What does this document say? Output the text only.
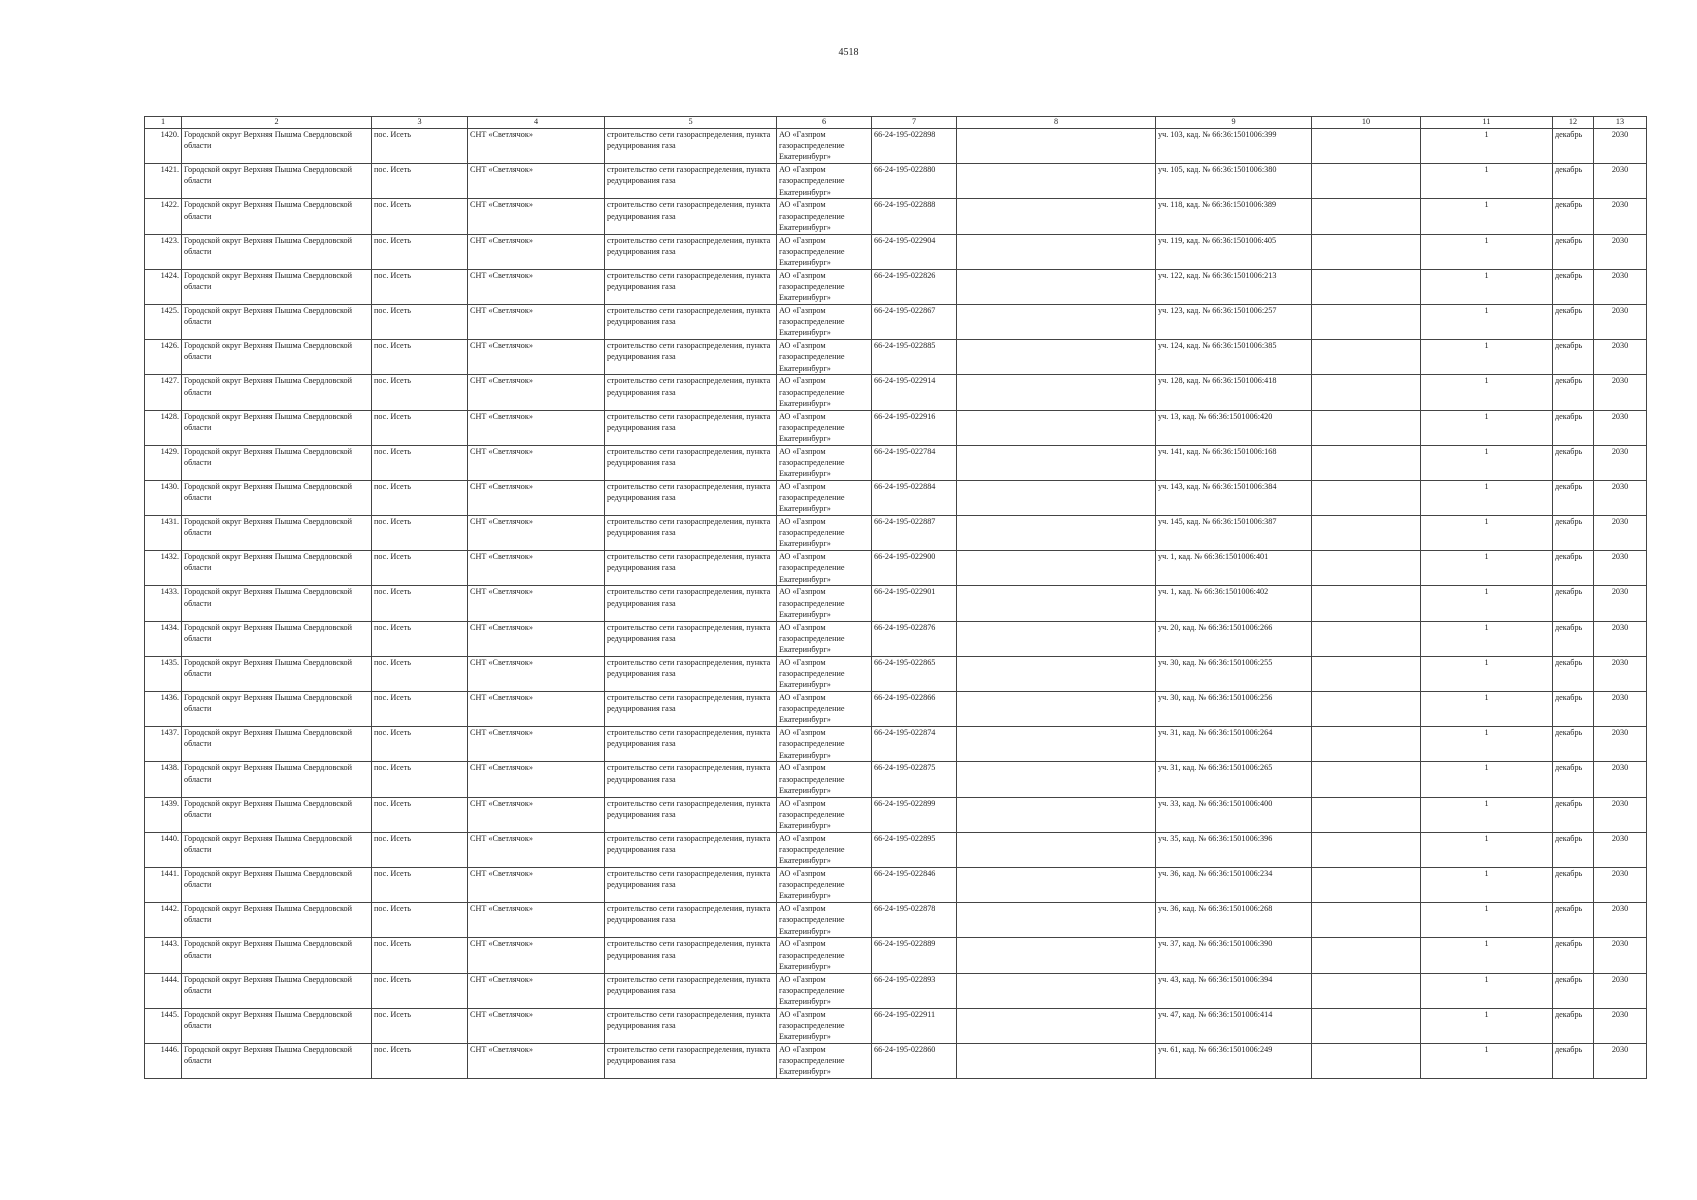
4518
1	2	3	4	5	6	7	8	9	10	11	12	13
1420.	Городской округ Верхняя Пышма Свердловской области	пос. Исеть	СНТ «Светлячок»	строительство сети газораспределения, пункта редуцирования газа	АО «Газпром газораспределение Екатеринбург»	66-24-195-022898		уч. 103, кад. № 66:36:1501006:399		1	декабрь	2030
1421.	Городской округ Верхняя Пышма Свердловской области	пос. Исеть	СНТ «Светлячок»	строительство сети газораспределения, пункта редуцирования газа	АО «Газпром газораспределение Екатеринбург»	66-24-195-022880		уч. 105, кад. № 66:36:1501006:380		1	декабрь	2030
1422.	Городской округ Верхняя Пышма Свердловской области	пос. Исеть	СНТ «Светлячок»	строительство сети газораспределения, пункта редуцирования газа	АО «Газпром газораспределение Екатеринбург»	66-24-195-022888		уч. 118, кад. № 66:36:1501006:389		1	декабрь	2030
1423.	Городской округ Верхняя Пышма Свердловской области	пос. Исеть	СНТ «Светлячок»	строительство сети газораспределения, пункта редуцирования газа	АО «Газпром газораспределение Екатеринбург»	66-24-195-022904		уч. 119, кад. № 66:36:1501006:405		1	декабрь	2030
1424.	Городской округ Верхняя Пышма Свердловской области	пос. Исеть	СНТ «Светлячок»	строительство сети газораспределения, пункта редуцирования газа	АО «Газпром газораспределение Екатеринбург»	66-24-195-022826		уч. 122, кад. № 66:36:1501006:213		1	декабрь	2030
1425.	Городской округ Верхняя Пышма Свердловской области	пос. Исеть	СНТ «Светлячок»	строительство сети газораспределения, пункта редуцирования газа	АО «Газпром газораспределение Екатеринбург»	66-24-195-022867		уч. 123, кад. № 66:36:1501006:257		1	декабрь	2030
1426.	Городской округ Верхняя Пышма Свердловской области	пос. Исеть	СНТ «Светлячок»	строительство сети газораспределения, пункта редуцирования газа	АО «Газпром газораспределение Екатеринбург»	66-24-195-022885		уч. 124, кад. № 66:36:1501006:385		1	декабрь	2030
1427.	Городской округ Верхняя Пышма Свердловской области	пос. Исеть	СНТ «Светлячок»	строительство сети газораспределения, пункта редуцирования газа	АО «Газпром газораспределение Екатеринбург»	66-24-195-022914		уч. 128, кад. № 66:36:1501006:418		1	декабрь	2030
1428.	Городской округ Верхняя Пышма Свердловской области	пос. Исеть	СНТ «Светлячок»	строительство сети газораспределения, пункта редуцирования газа	АО «Газпром газораспределение Екатеринбург»	66-24-195-022916		уч. 13, кад. № 66:36:1501006:420		1	декабрь	2030
1429.	Городской округ Верхняя Пышма Свердловской области	пос. Исеть	СНТ «Светлячок»	строительство сети газораспределения, пункта редуцирования газа	АО «Газпром газораспределение Екатеринбург»	66-24-195-022784		уч. 141, кад. № 66:36:1501006:168		1	декабрь	2030
1430.	Городской округ Верхняя Пышма Свердловской области	пос. Исеть	СНТ «Светлячок»	строительство сети газораспределения, пункта редуцирования газа	АО «Газпром газораспределение Екатеринбург»	66-24-195-022884		уч. 143, кад. № 66:36:1501006:384		1	декабрь	2030
1431.	Городской округ Верхняя Пышма Свердловской области	пос. Исеть	СНТ «Светлячок»	строительство сети газораспределения, пункта редуцирования газа	АО «Газпром газораспределение Екатеринбург»	66-24-195-022887		уч. 145, кад. № 66:36:1501006:387		1	декабрь	2030
1432.	Городской округ Верхняя Пышма Свердловской области	пос. Исеть	СНТ «Светлячок»	строительство сети газораспределения, пункта редуцирования газа	АО «Газпром газораспределение Екатеринбург»	66-24-195-022900		уч. 1, кад. № 66:36:1501006:401		1	декабрь	2030
1433.	Городской округ Верхняя Пышма Свердловской области	пос. Исеть	СНТ «Светлячок»	строительство сети газораспределения, пункта редуцирования газа	АО «Газпром газораспределение Екатеринбург»	66-24-195-022901		уч. 1, кад. № 66:36:1501006:402		1	декабрь	2030
1434.	Городской округ Верхняя Пышма Свердловской области	пос. Исеть	СНТ «Светлячок»	строительство сети газораспределения, пункта редуцирования газа	АО «Газпром газораспределение Екатеринбург»	66-24-195-022876		уч. 20, кад. № 66:36:1501006:266		1	декабрь	2030
1435.	Городской округ Верхняя Пышма Свердловской области	пос. Исеть	СНТ «Светлячок»	строительство сети газораспределения, пункта редуцирования газа	АО «Газпром газораспределение Екатеринбург»	66-24-195-022865		уч. 30, кад. № 66:36:1501006:255		1	декабрь	2030
1436.	Городской округ Верхняя Пышма Свердловской области	пос. Исеть	СНТ «Светлячок»	строительство сети газораспределения, пункта редуцирования газа	АО «Газпром газораспределение Екатеринбург»	66-24-195-022866		уч. 30, кад. № 66:36:1501006:256		1	декабрь	2030
1437.	Городской округ Верхняя Пышма Свердловской области	пос. Исеть	СНТ «Светлячок»	строительство сети газораспределения, пункта редуцирования газа	АО «Газпром газораспределение Екатеринбург»	66-24-195-022874		уч. 31, кад. № 66:36:1501006:264		1	декабрь	2030
1438.	Городской округ Верхняя Пышма Свердловской области	пос. Исеть	СНТ «Светлячок»	строительство сети газораспределения, пункта редуцирования газа	АО «Газпром газораспределение Екатеринбург»	66-24-195-022875		уч. 31, кад. № 66:36:1501006:265		1	декабрь	2030
1439.	Городской округ Верхняя Пышма Свердловской области	пос. Исеть	СНТ «Светлячок»	строительство сети газораспределения, пункта редуцирования газа	АО «Газпром газораспределение Екатеринбург»	66-24-195-022899		уч. 33, кад. № 66:36:1501006:400		1	декабрь	2030
1440.	Городской округ Верхняя Пышма Свердловской области	пос. Исеть	СНТ «Светлячок»	строительство сети газораспределения, пункта редуцирования газа	АО «Газпром газораспределение Екатеринбург»	66-24-195-022895		уч. 35, кад. № 66:36:1501006:396		1	декабрь	2030
1441.	Городской округ Верхняя Пышма Свердловской области	пос. Исеть	СНТ «Светлячок»	строительство сети газораспределения, пункта редуцирования газа	АО «Газпром газораспределение Екатеринбург»	66-24-195-022846		уч. 36, кад. № 66:36:1501006:234		1	декабрь	2030
1442.	Городской округ Верхняя Пышма Свердловской области	пос. Исеть	СНТ «Светлячок»	строительство сети газораспределения, пункта редуцирования газа	АО «Газпром газораспределение Екатеринбург»	66-24-195-022878		уч. 36, кад. № 66:36:1501006:268		1	декабрь	2030
1443.	Городской округ Верхняя Пышма Свердловской области	пос. Исеть	СНТ «Светлячок»	строительство сети газораспределения, пункта редуцирования газа	АО «Газпром газораспределение Екатеринбург»	66-24-195-022889		уч. 37, кад. № 66:36:1501006:390		1	декабрь	2030
1444.	Городской округ Верхняя Пышма Свердловской области	пос. Исеть	СНТ «Светлячок»	строительство сети газораспределения, пункта редуцирования газа	АО «Газпром газораспределение Екатеринбург»	66-24-195-022893		уч. 43, кад. № 66:36:1501006:394		1	декабрь	2030
1445.	Городской округ Верхняя Пышма Свердловской области	пос. Исеть	СНТ «Светлячок»	строительство сети газораспределения, пункта редуцирования газа	АО «Газпром газораспределение Екатеринбург»	66-24-195-022911		уч. 47, кад. № 66:36:1501006:414		1	декабрь	2030
1446.	Городской округ Верхняя Пышма Свердловской области	пос. Исеть	СНТ «Светлячок»	строительство сети газораспределения, пункта редуцирования газа	АО «Газпром газораспределение Екатеринбург»	66-24-195-022860		уч. 61, кад. № 66:36:1501006:249		1	декабрь	2030
